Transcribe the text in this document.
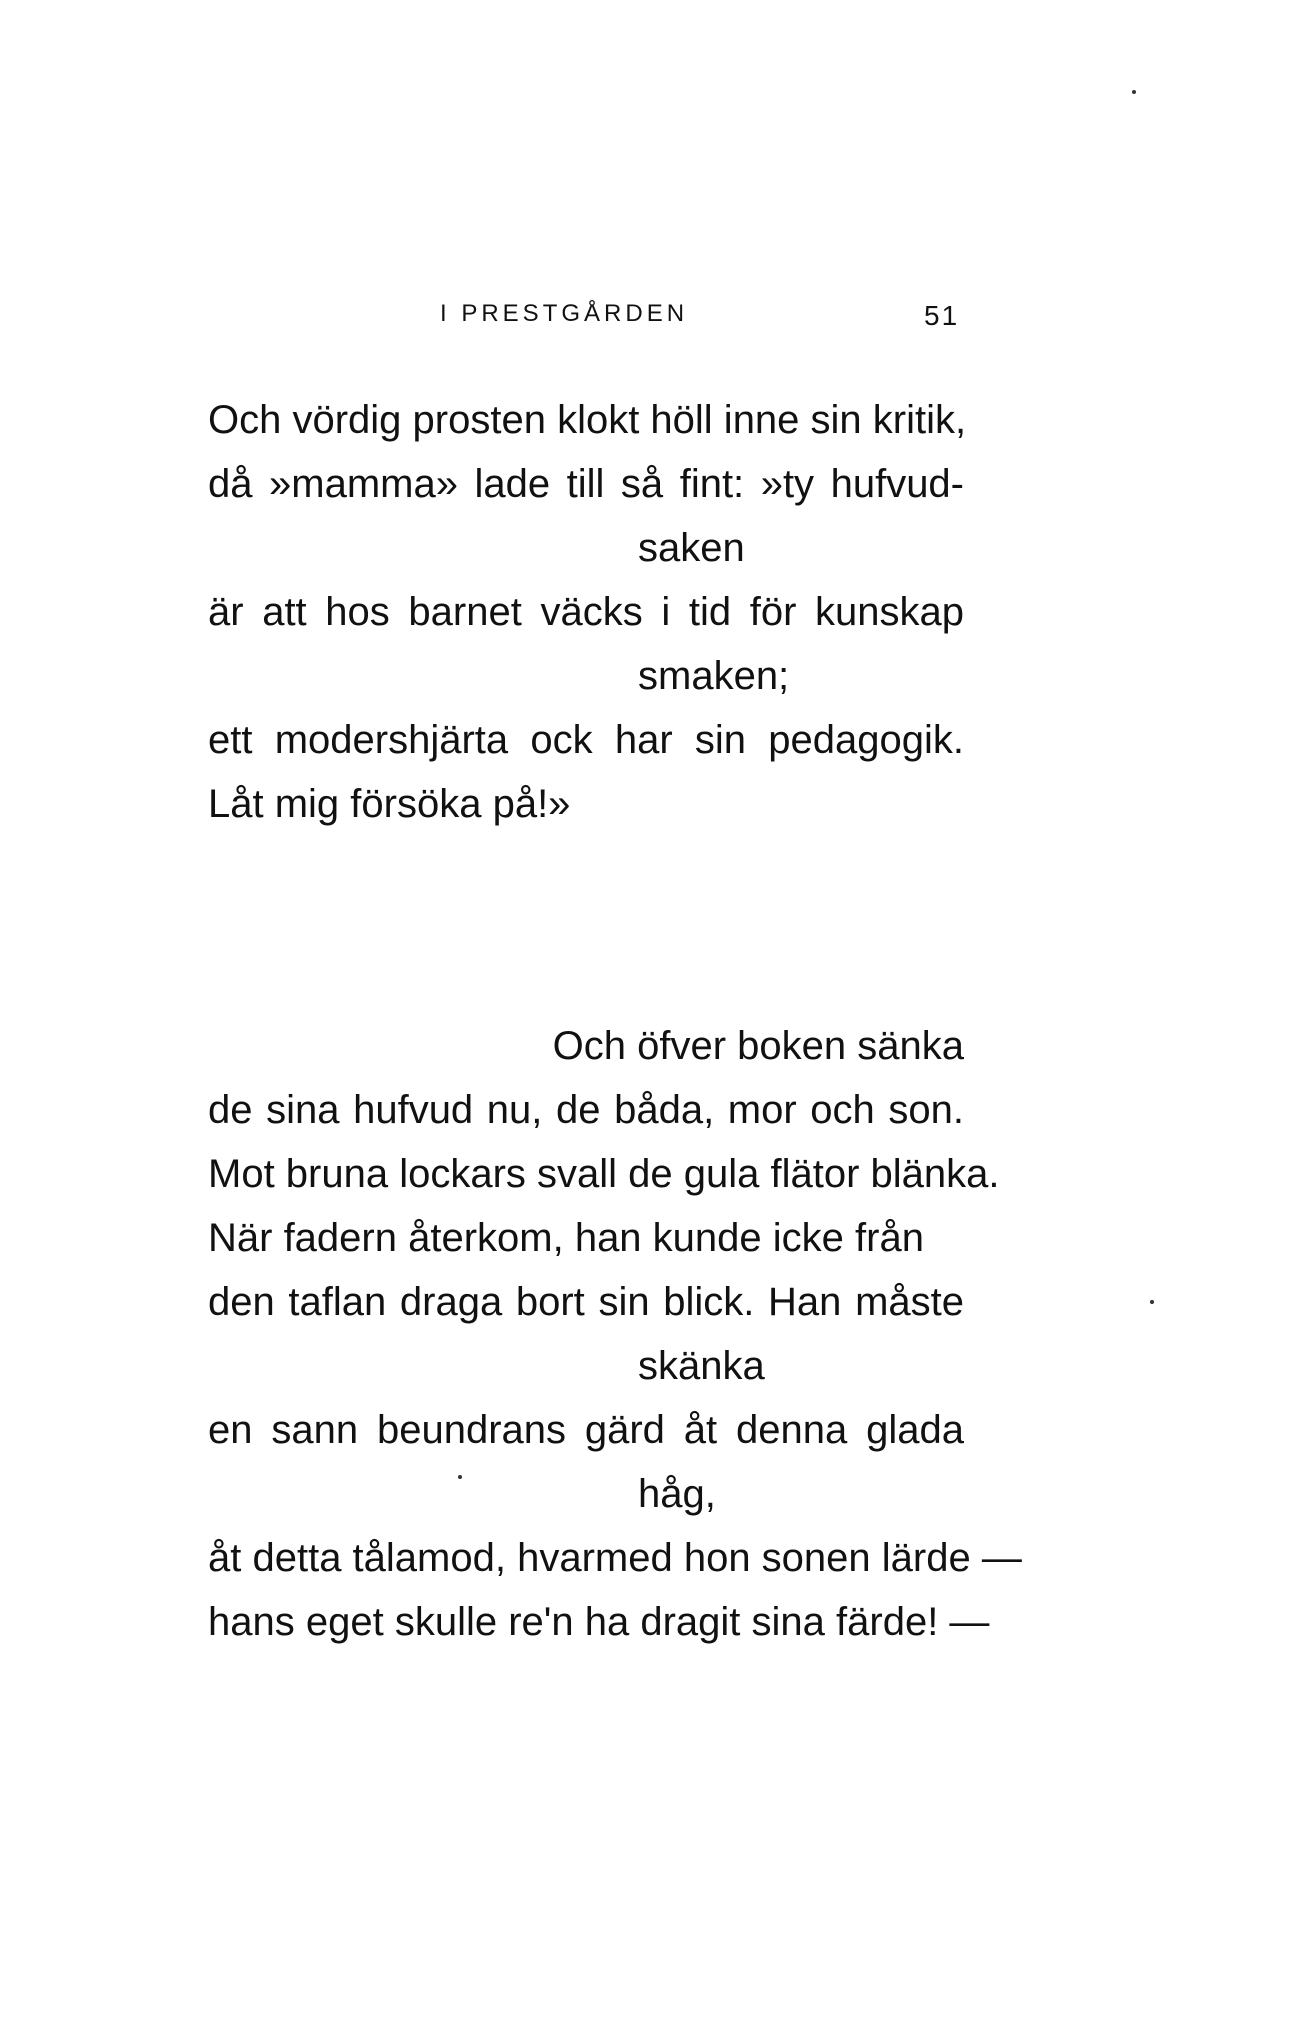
I PRESTGÅRDEN	51
Och vördig prosten klokt höll inne sin kritik,
då »mamma» lade till så fint: »ty hufvud-
saken
är att hos barnet väcks i tid för kunskap
smaken;
ett modershjärta ock har sin pedagogik.
Låt mig försöka på!»
Och öfver boken sänka
de sina hufvud nu, de båda, mor och son.
Mot bruna lockars svall de gula flätor blänka.
När fadern återkom, han kunde icke från
den taflan draga bort sin blick. Han måste
skänka
en sann beundrans gärd åt denna glada
håg,
åt detta tålamod, hvarmed hon sonen lärde —
hans eget skulle re'n ha dragit sina färde! —
